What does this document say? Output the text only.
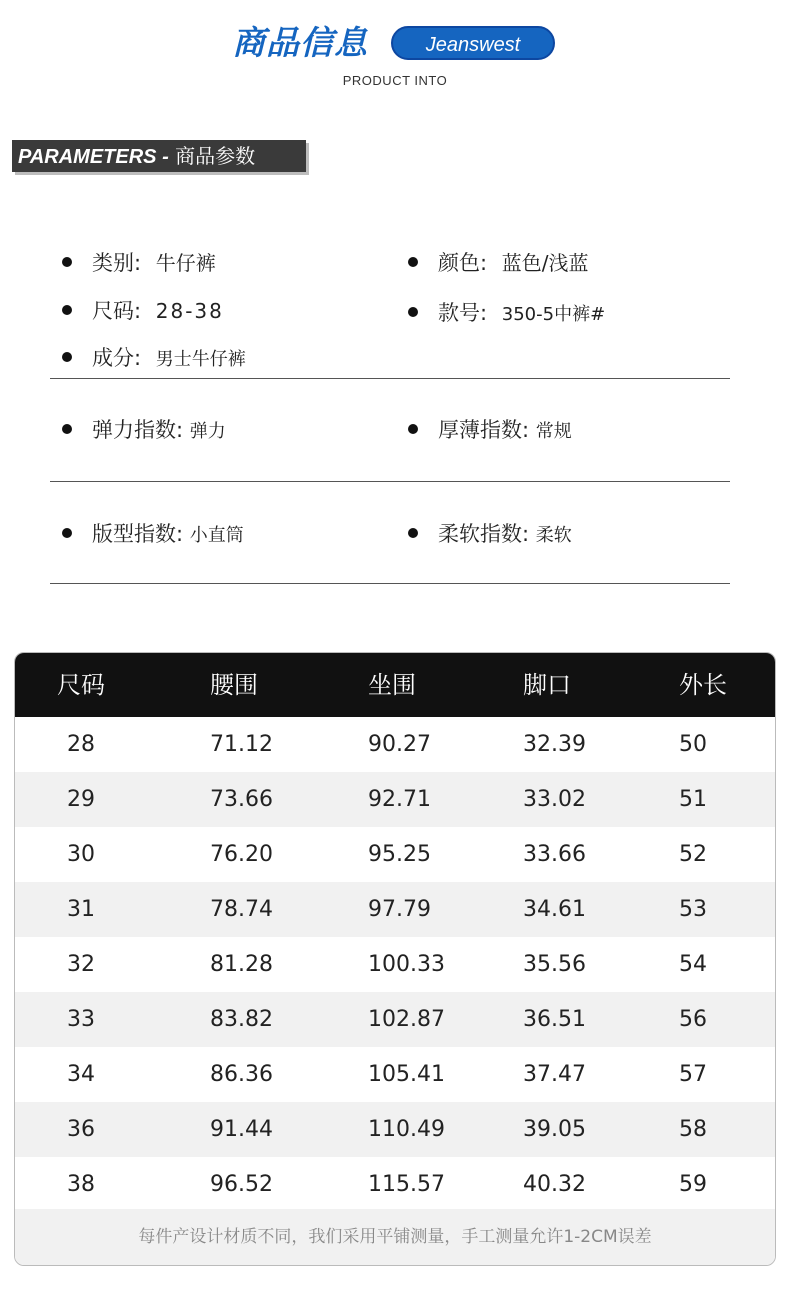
商品信息	Jeanswest
PRODUCT INTO
PARAMETERS - 商品参数
类别: 牛仔裤	颜色: 蓝色/浅蓝
尺码: 28-38	款号: 350-5中裤#
成分: 男士牛仔裤
弹力指数: 弹力	厚薄指数: 常规
版型指数: 小直筒	柔软指数: 柔软
尺码	腰围	坐围	脚口	外长
28	71.12	90.27	32.39	50
29	73.66	92.71	33.02	51
30	76.20	95.25	33.66	52
31	78.74	97.79	34.61	53
32	81.28	100.33	35.56	54
33	83.82	102.87	36.51	56
34	86.36	105.41	37.47	57
36	91.44	110.49	39.05	58
38	96.52	115.57	40.32	59
每件产设计材质不同，我们采用平铺测量，手工测量允许1-2CM误差
